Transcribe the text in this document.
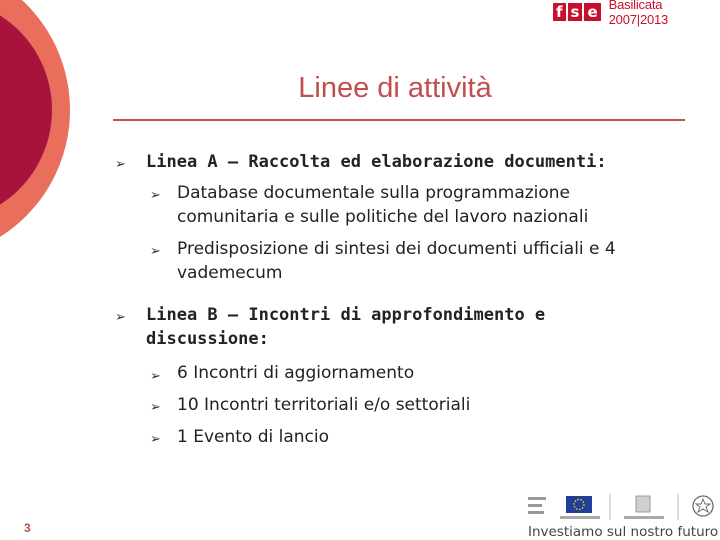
f s e Basilicata 2007|2013
Linee di attività
➢ Linea A – Raccolta ed elaborazione documenti:
➢ Database documentale sulla programmazione comunitaria e sulle politiche del lavoro nazionali
➢ Predisposizione di sintesi dei documenti ufficiali e 4 vademecum
➢ Linea B – Incontri di approfondimento e discussione:
➢ 6 Incontri di aggiornamento
➢ 10 Incontri territoriali e/o settoriali
➢ 1 Evento di lancio
3	Investiamo sul nostro futuro
